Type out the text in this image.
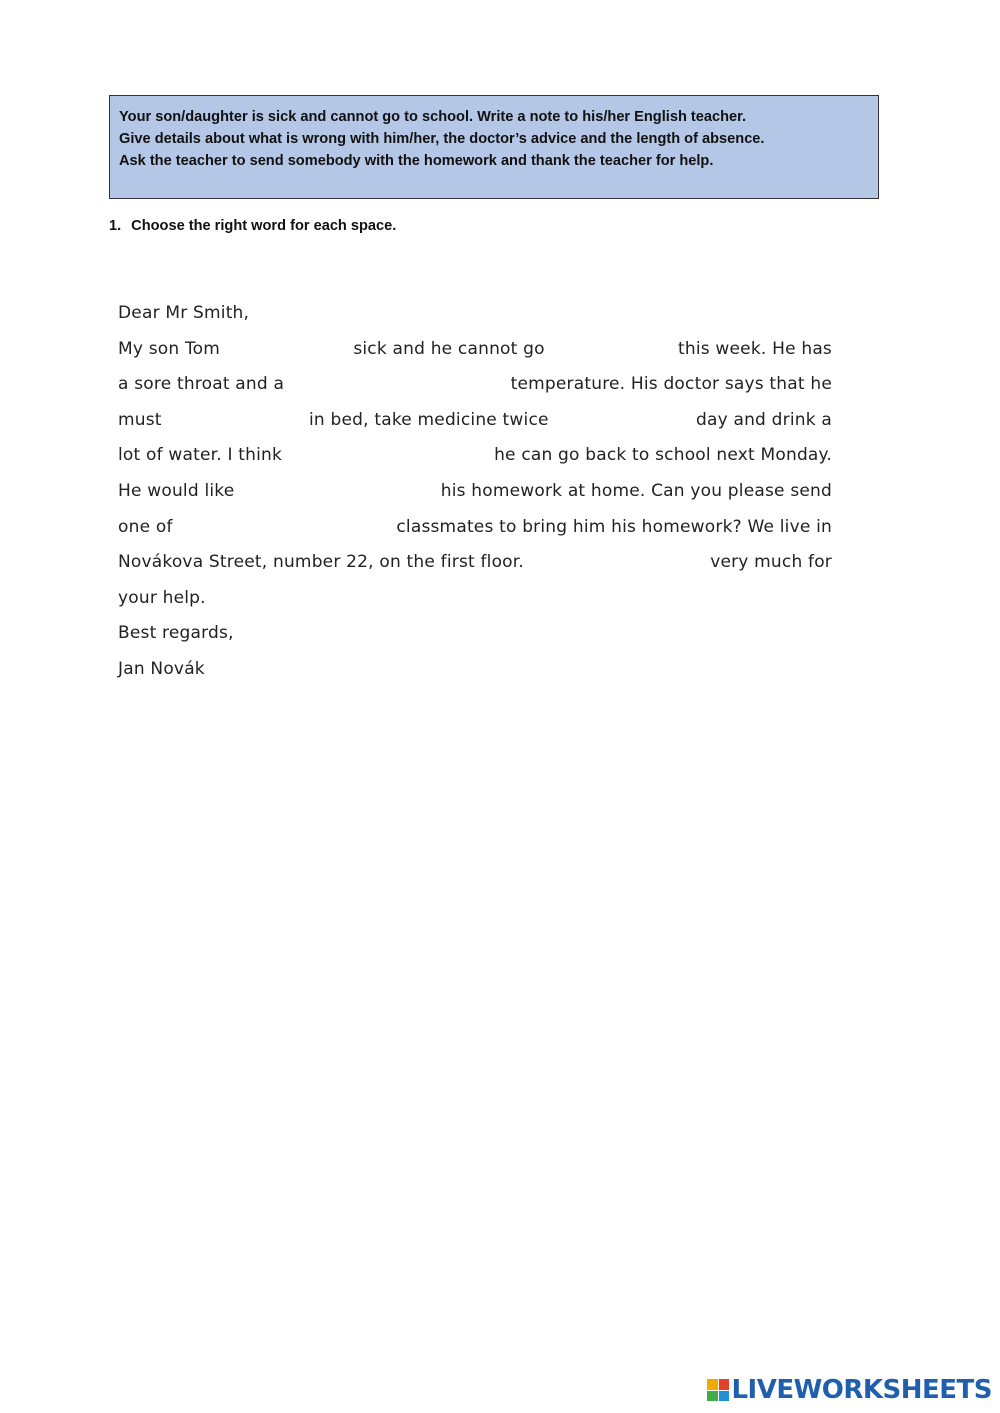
Your son/daughter is sick and cannot go to school. Write a note to his/her English teacher.

Give details about what is wrong with him/her, the doctor’s advice and the length of absence.

Ask the teacher to send somebody with the homework and thank the teacher for help.

1. Choose the right word for each space.
Dear Mr Smith,
My son Tom	sick and he cannot go	this week. He has
a sore throat and a	temperature. His doctor says that he
must	in bed, take medicine twice	day and drink a
lot of water. I think	he can go back to school next Monday.
He would like	his homework at home. Can you please send
one of	classmates to bring him his homework? We live in
Novákova Street, number 22, on the first floor.	very much for
your help.
Best regards,
Jan Novák
LIVEWORKSHEETS
